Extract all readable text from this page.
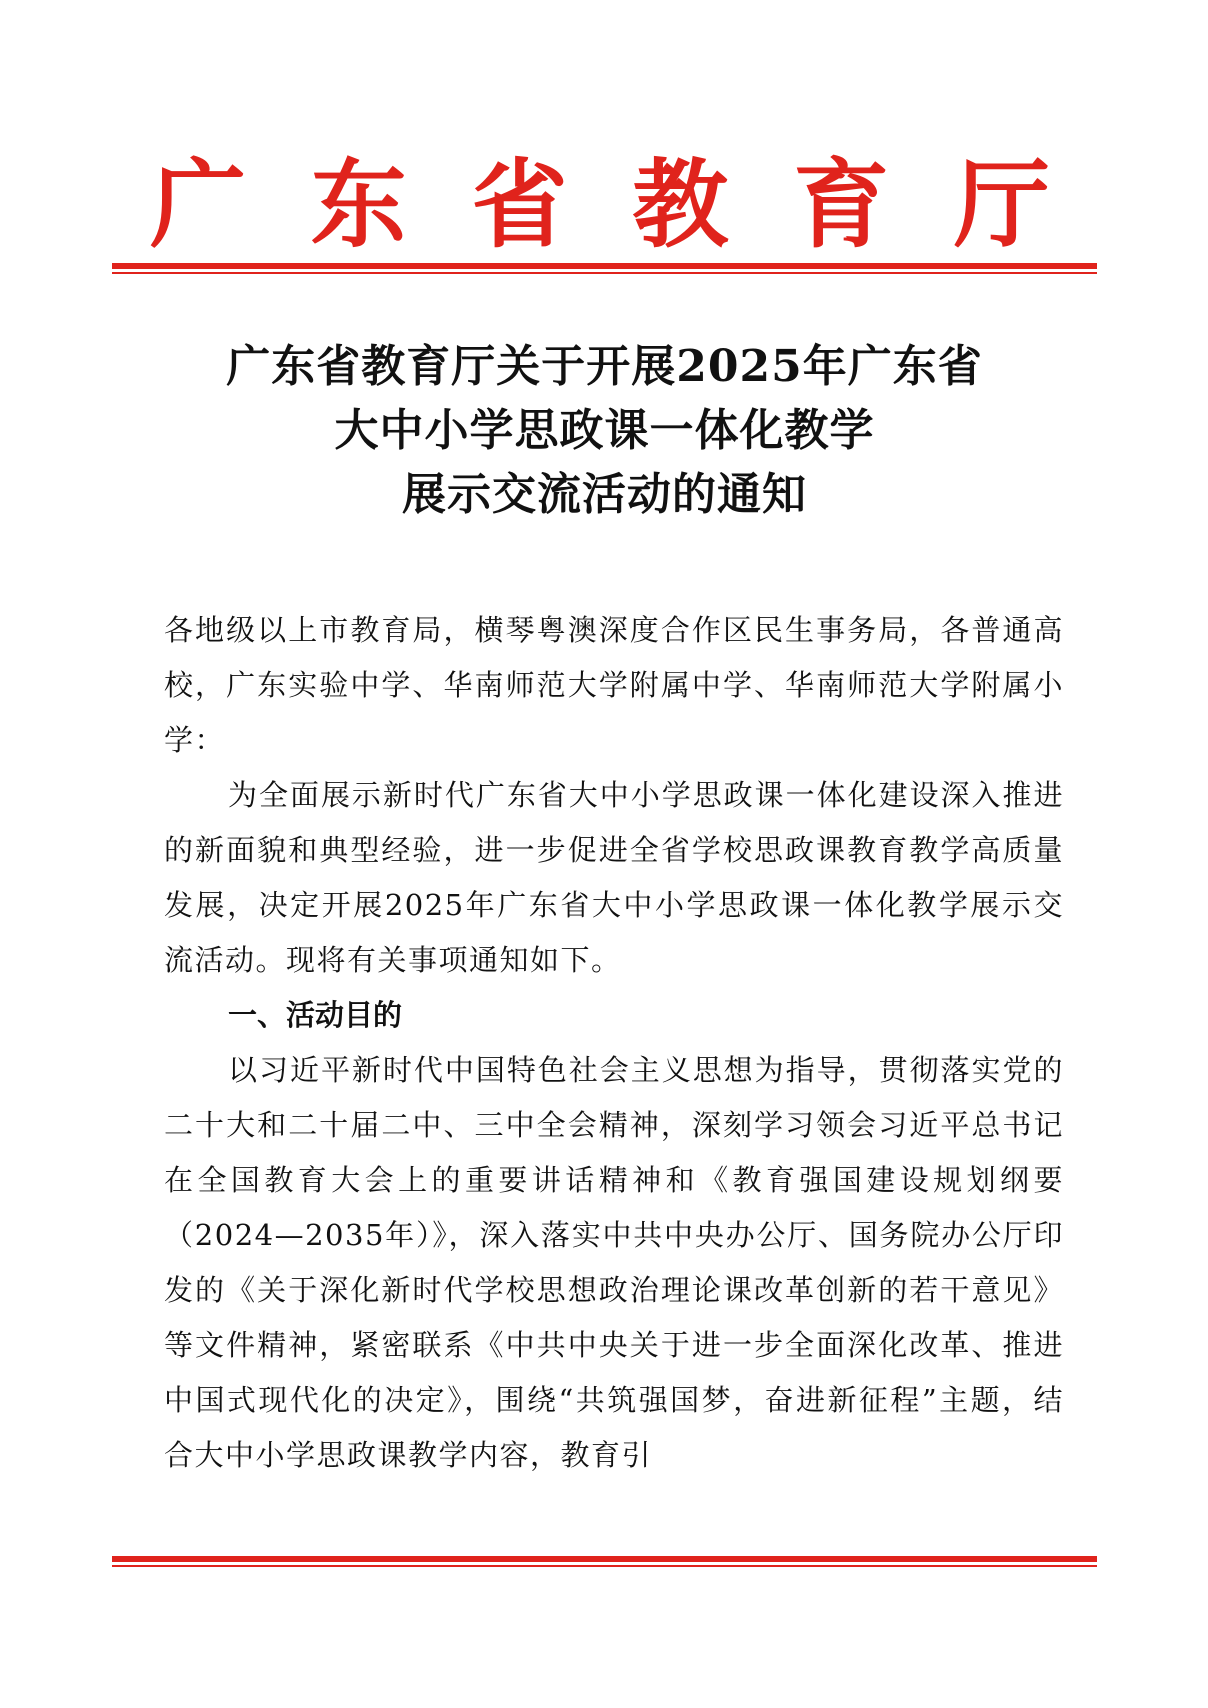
广 东 省 教 育 厅
广东省教育厅关于开展2025年广东省
大中小学思政课一体化教学
展示交流活动的通知

各地级以上市教育局，横琴粤澳深度合作区民生事务局，各普通高校，广东实验中学、华南师范大学附属中学、华南师范大学附属小学：

为全面展示新时代广东省大中小学思政课一体化建设深入推进的新面貌和典型经验，进一步促进全省学校思政课教育教学高质量发展，决定开展2025年广东省大中小学思政课一体化教学展示交流活动。现将有关事项通知如下。

一、活动目的

以习近平新时代中国特色社会主义思想为指导，贯彻落实党的二十大和二十届二中、三中全会精神，深刻学习领会习近平总书记在全国教育大会上的重要讲话精神和《教育强国建设规划纲要（2024—2035年）》，深入落实中共中央办公厅、国务院办公厅印发的《关于深化新时代学校思想政治理论课改革创新的若干意见》等文件精神，紧密联系《中共中央关于进一步全面深化改革、推进中国式现代化的决定》，围绕“共筑强国梦，奋进新征程”主题，结合大中小学思政课教学内容，教育引
